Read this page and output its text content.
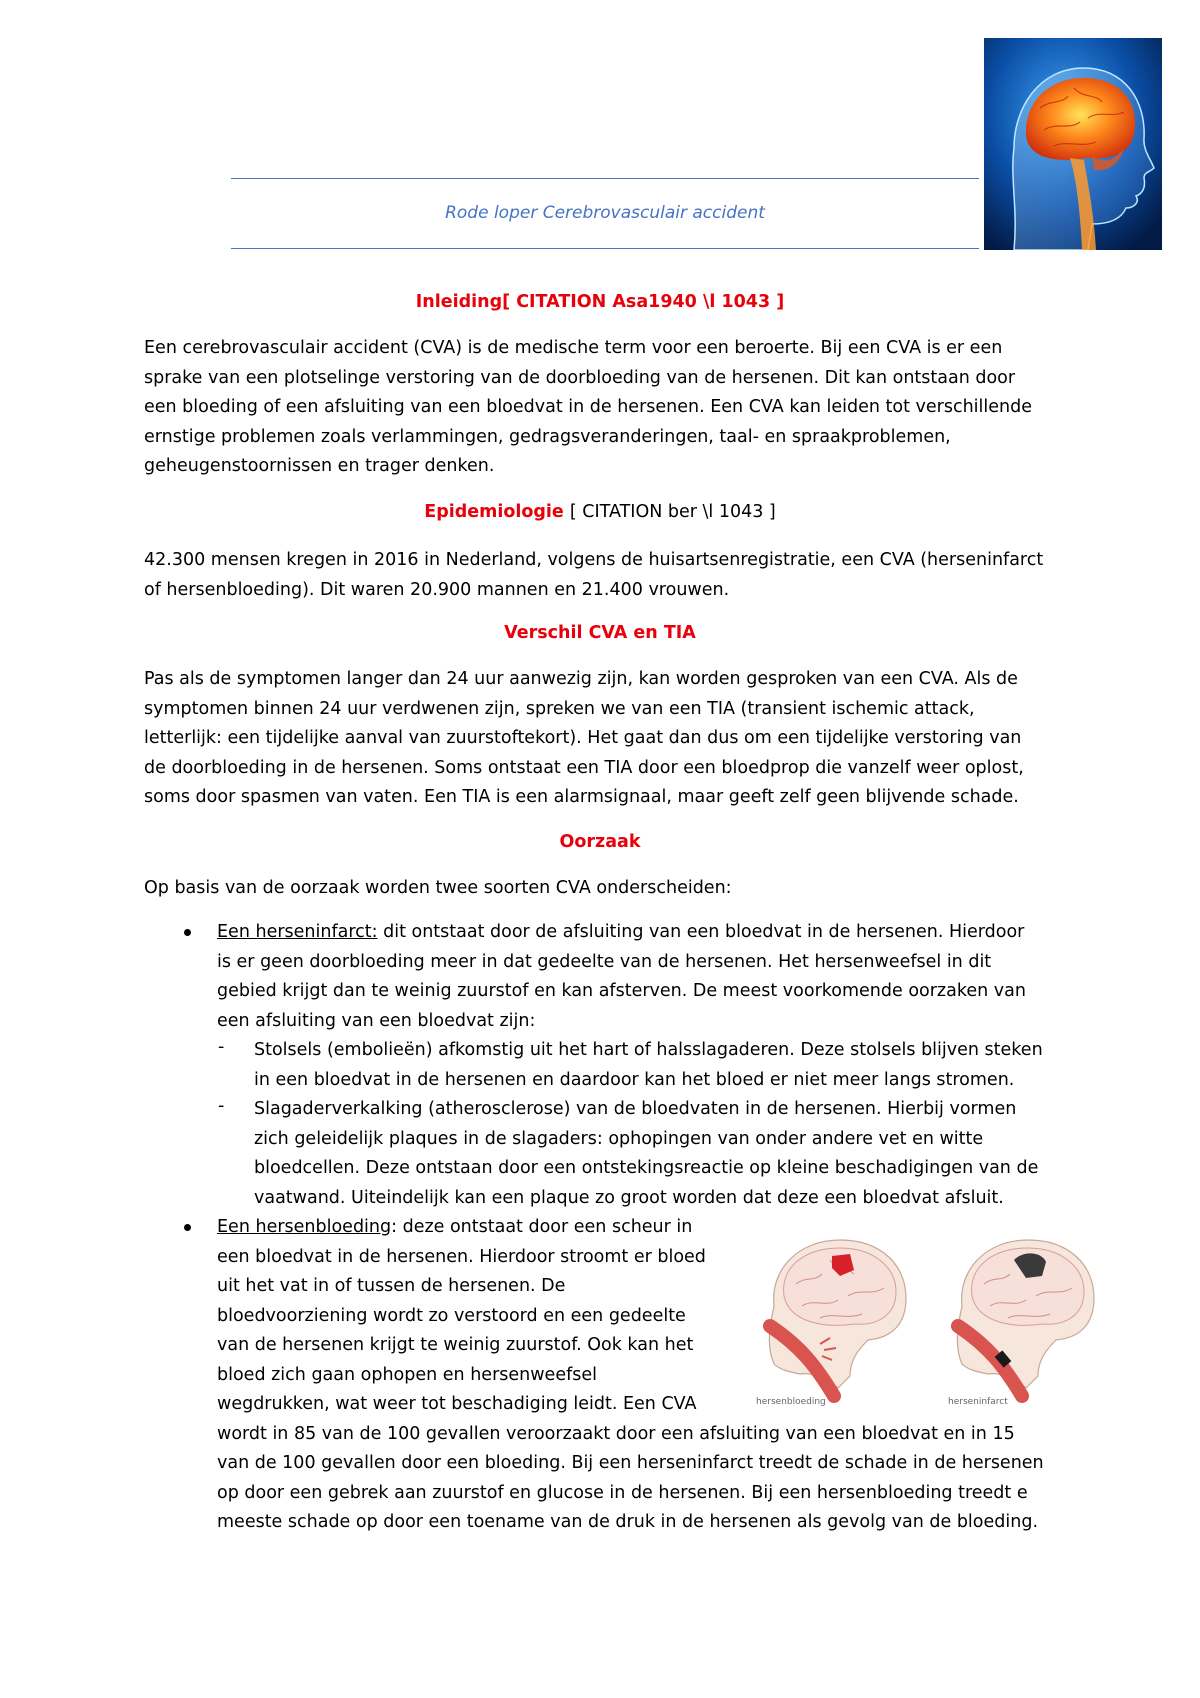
Rode loper Cerebrovasculair accident
Inleiding[ CITATION Asa1940 \l 1043 ]
Een cerebrovasculair accident (CVA) is de medische term voor een beroerte. Bij een CVA is er een
sprake van een plotselinge verstoring van de doorbloeding van de hersenen. Dit kan ontstaan door
een bloeding of een afsluiting van een bloedvat in de hersenen. Een CVA kan leiden tot verschillende
ernstige problemen zoals verlammingen, gedragsveranderingen, taal- en spraakproblemen,
geheugenstoornissen en trager denken.
Epidemiologie [ CITATION ber \l 1043 ]
42.300 mensen kregen in 2016 in Nederland, volgens de huisartsenregistratie, een CVA (herseninfarct
of hersenbloeding). Dit waren 20.900 mannen en 21.400 vrouwen.
Verschil CVA en TIA
Pas als de symptomen langer dan 24 uur aanwezig zijn, kan worden gesproken van een CVA. Als de
symptomen binnen 24 uur verdwenen zijn, spreken we van een TIA (transient ischemic attack,
letterlijk: een tijdelijke aanval van zuurstoftekort). Het gaat dan dus om een tijdelijke verstoring van
de doorbloeding in de hersenen. Soms ontstaat een TIA door een bloedprop die vanzelf weer oplost,
soms door spasmen van vaten. Een TIA is een alarmsignaal, maar geeft zelf geen blijvende schade.
Oorzaak
Op basis van de oorzaak worden twee soorten CVA onderscheiden:
Een herseninfarct: dit ontstaat door de afsluiting van een bloedvat in de hersenen. Hierdoor
is er geen doorbloeding meer in dat gedeelte van de hersenen. Het hersenweefsel in dit
gebied krijgt dan te weinig zuurstof en kan afsterven. De meest voorkomende oorzaken van
een afsluiting van een bloedvat zijn:
- Stolsels (embolieën) afkomstig uit het hart of halsslagaderen. Deze stolsels blijven steken
in een bloedvat in de hersenen en daardoor kan het bloed er niet meer langs stromen.
- Slagaderverkalking (atherosclerose) van de bloedvaten in de hersenen. Hierbij vormen
zich geleidelijk plaques in de slagaders: ophopingen van onder andere vet en witte
bloedcellen. Deze ontstaan door een ontstekingsreactie op kleine beschadigingen van de
vaatwand. Uiteindelijk kan een plaque zo groot worden dat deze een bloedvat afsluit.
Een hersenbloeding: deze ontstaat door een scheur in
een bloedvat in de hersenen. Hierdoor stroomt er bloed
uit het vat in of tussen de hersenen. De
bloedvoorziening wordt zo verstoord en een gedeelte
van de hersenen krijgt te weinig zuurstof. Ook kan het
bloed zich gaan ophopen en hersenweefsel
wegdrukken, wat weer tot beschadiging leidt. Een CVA
wordt in 85 van de 100 gevallen veroorzaakt door een afsluiting van een bloedvat en in 15
van de 100 gevallen door een bloeding. Bij een herseninfarct treedt de schade in de hersenen
op door een gebrek aan zuurstof en glucose in de hersenen. Bij een hersenbloeding treedt e
meeste schade op door een toename van de druk in de hersenen als gevolg van de bloeding.
hersenbloeding	herseninfarct
